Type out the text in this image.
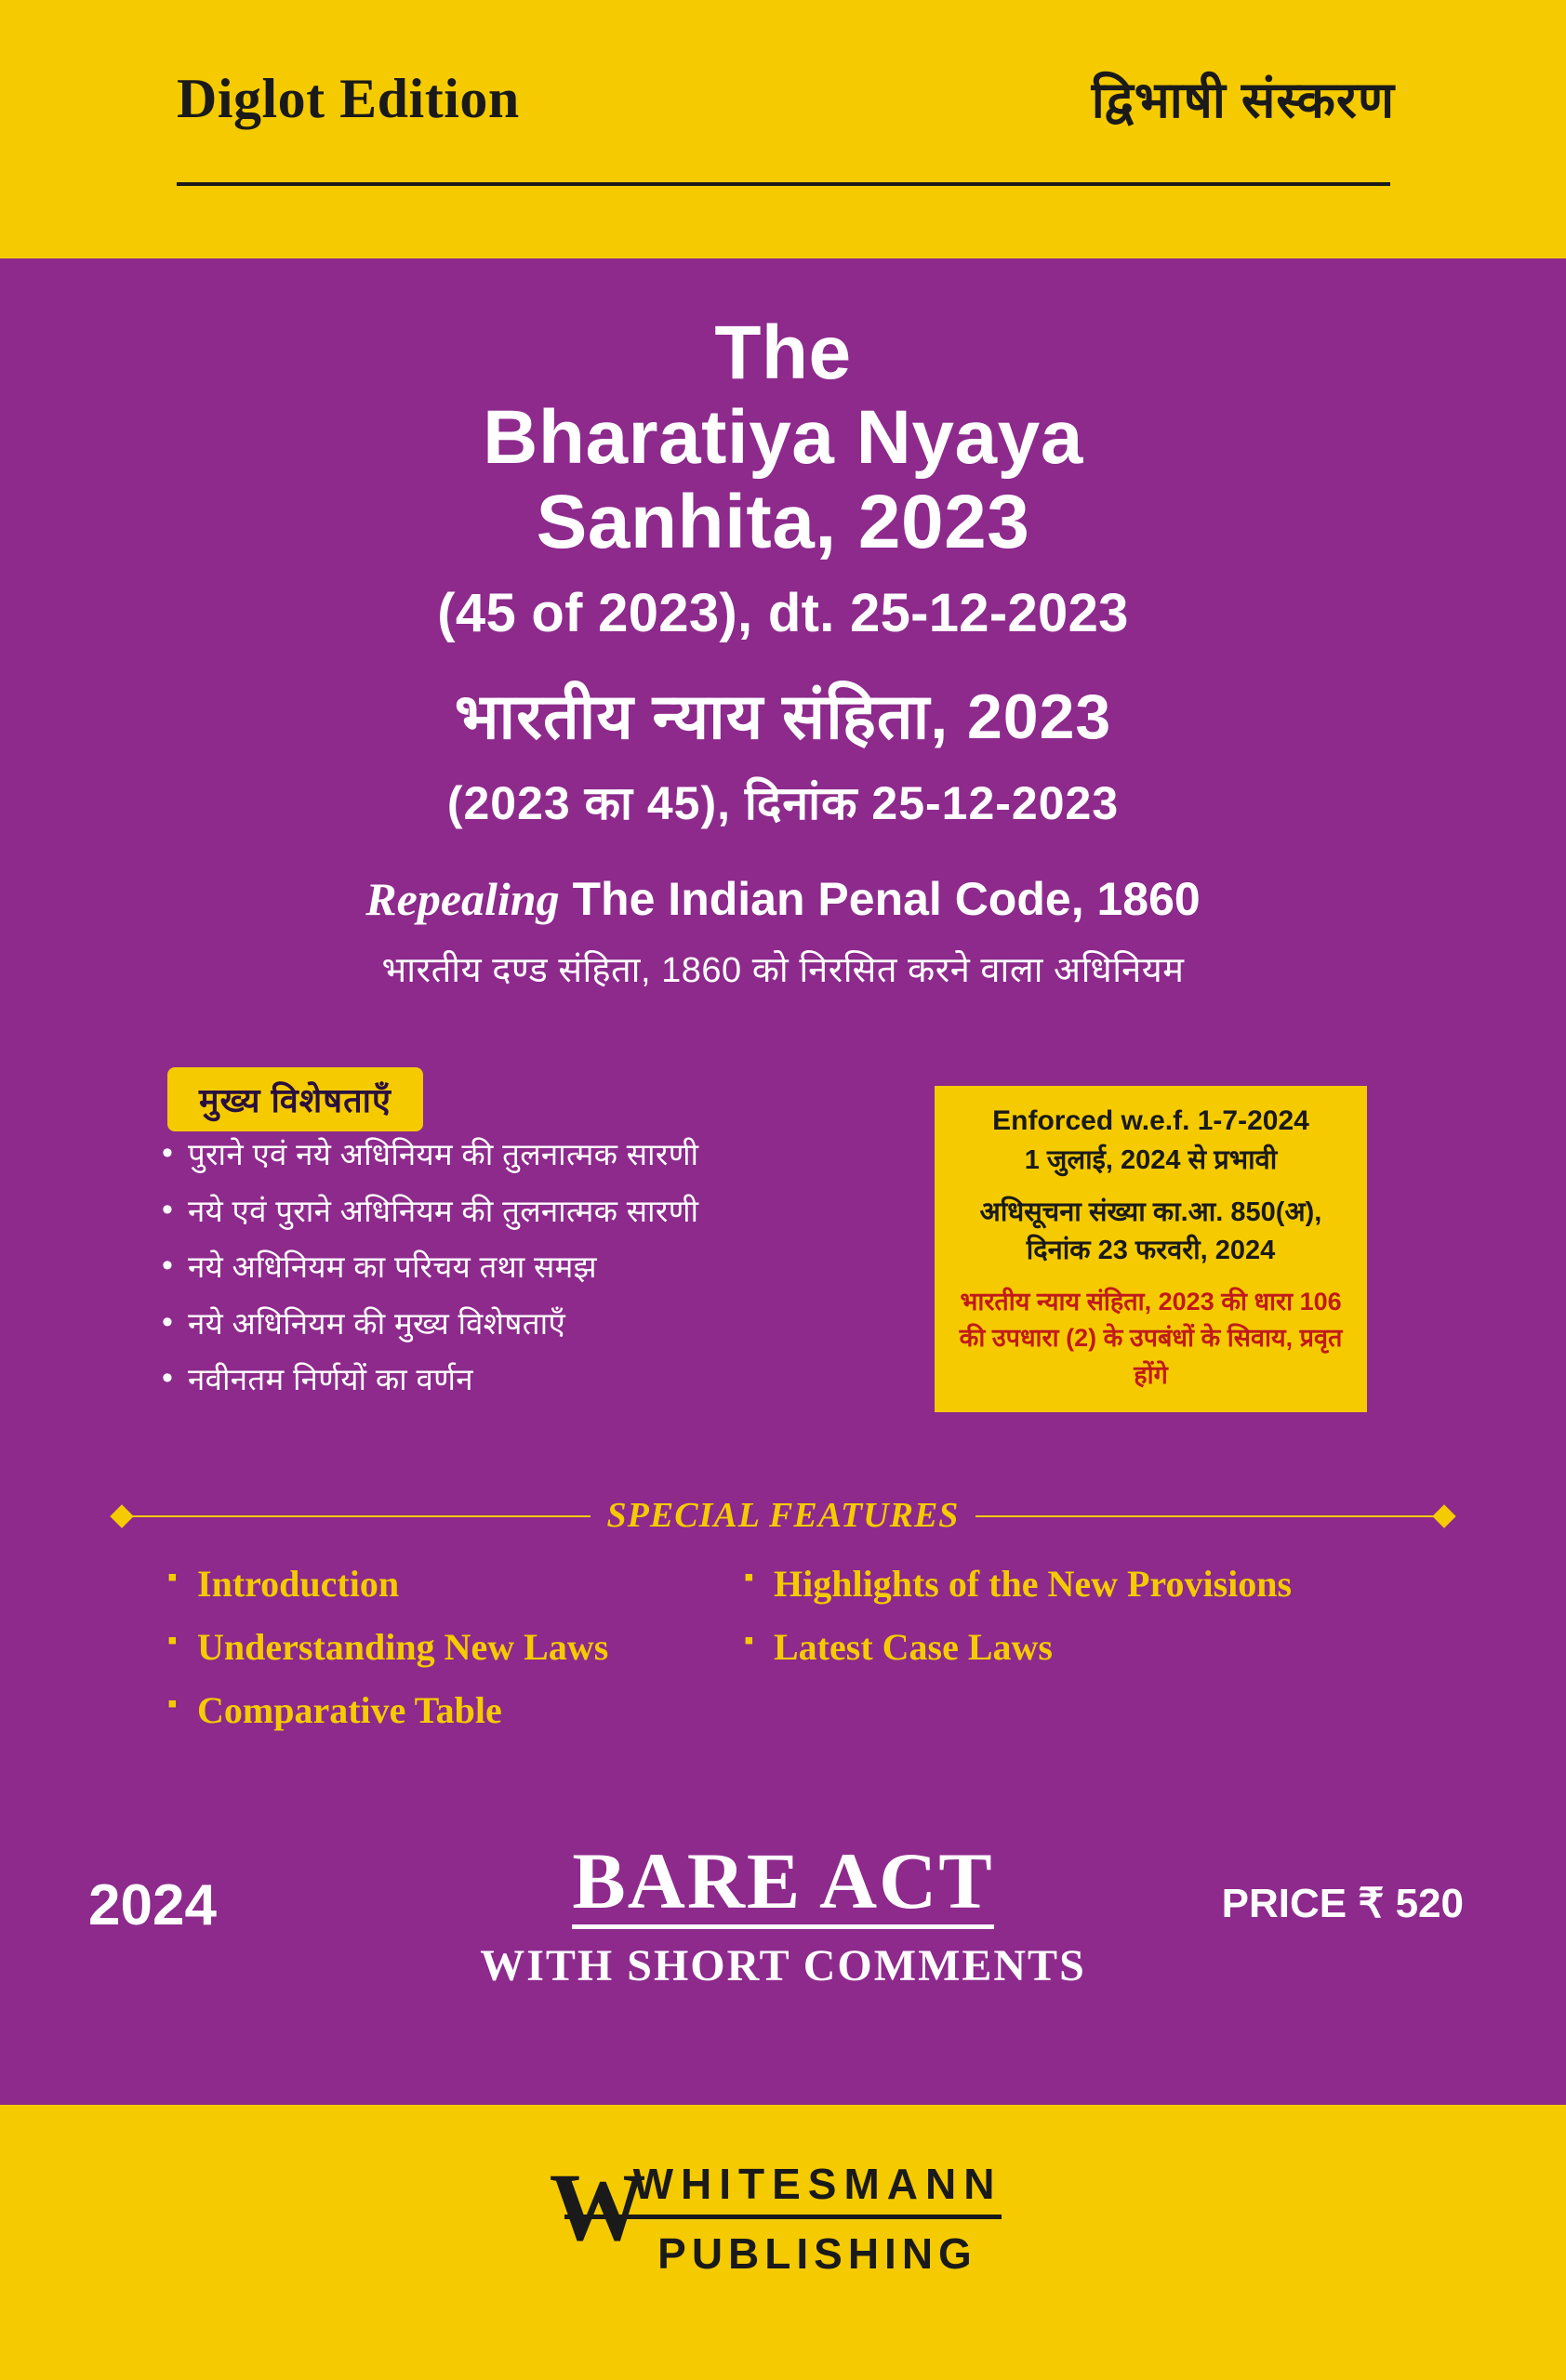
Diglot Edition	द्विभाषी संस्करण
The
Bharatiya Nyaya
Sanhita, 2023
(45 of 2023), dt. 25-12-2023
भारतीय न्याय संहिता, 2023
(2023 का 45), दिनांक 25-12-2023
Repealing The Indian Penal Code, 1860
भारतीय दण्ड संहिता, 1860 को निरसित करने वाला अधिनियम
मुख्य विशेषताएँ
• पुराने एवं नये अधिनियम की तुलनात्मक सारणी
• नये एवं पुराने अधिनियम की तुलनात्मक सारणी
• नये अधिनियम का परिचय तथा समझ
• नये अधिनियम की मुख्य विशेषताएँ
• नवीनतम निर्णयों का वर्णन
Enforced w.e.f. 1-7-2024
1 जुलाई, 2024 से प्रभावी
अधिसूचना संख्या का.आ. 850(अ), दिनांक 23 फरवरी, 2024
भारतीय न्याय संहिता, 2023 की धारा 106 की उपधारा (2) के उपबंधों के सिवाय, प्रवृत होंगे
SPECIAL FEATURES
▪ Introduction
▪ Understanding New Laws
▪ Comparative Table
▪ Highlights of the New Provisions
▪ Latest Case Laws
2024	BARE ACT
WITH SHORT COMMENTS
PRICE ₹ 520
W
WHITESMANN
PUBLISHING
